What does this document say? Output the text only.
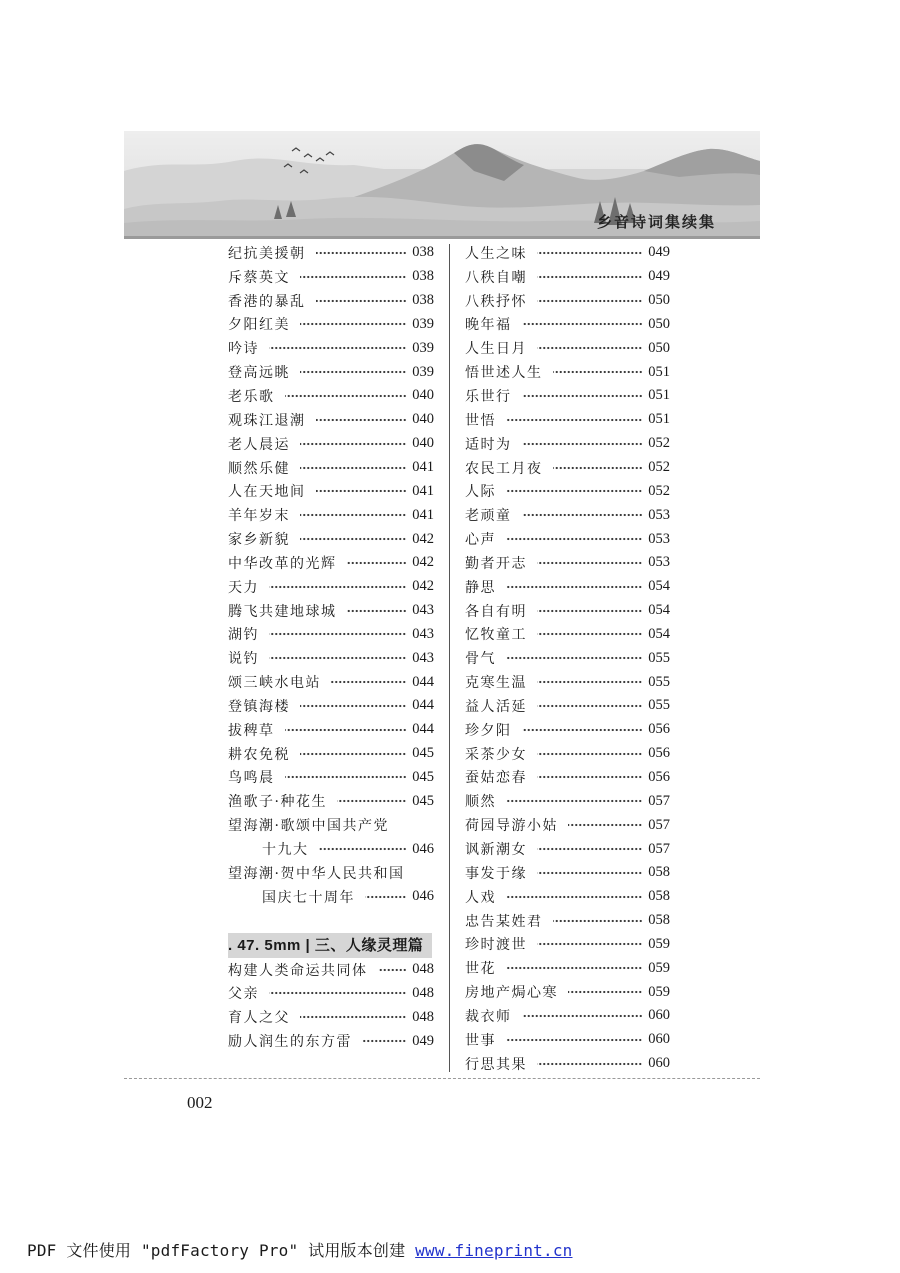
乡音诗词集续集
纪抗美援朝	038
斥蔡英文	038
香港的暴乱	038
夕阳红美	039
吟诗	039
登高远眺	039
老乐歌	040
观珠江退潮	040
老人晨运	040
顺然乐健	041
人在天地间	041
羊年岁末	041
家乡新貌	042
中华改革的光辉	042
天力	042
腾飞共建地球城	043
湖钓	043
说钓	043
颂三峡水电站	044
登镇海楼	044
拔稗草	044
耕农免税	045
鸟鸣晨	045
渔歌子·种花生	045
望海潮·歌颂中国共产党
十九大	046
望海潮·贺中华人民共和国
国庆七十周年	046
. 47. 5mm | 三、人缘灵理篇
构建人类命运共同体	048
父亲	048
育人之父	048
励人润生的东方雷	049
人生之味	049
八秩自嘲	049
八秩抒怀	050
晚年福	050
人生日月	050
悟世述人生	051
乐世行	051
世悟	051
适时为	052
农民工月夜	052
人际	052
老顽童	053
心声	053
勤者开志	053
静思	054
各自有明	054
忆牧童工	054
骨气	055
克寒生温	055
益人活延	055
珍夕阳	056
采茶少女	056
蚕姑恋春	056
顺然	057
荷园导游小姑	057
讽新潮女	057
事发于缘	058
人戏	058
忠告某姓君	058
珍时渡世	059
世花	059
房地产焗心寒	059
裁衣师	060
世事	060
行思其果	060
002
PDF 文件使用 "pdfFactory Pro" 试用版本创建 www.fineprint.cn
